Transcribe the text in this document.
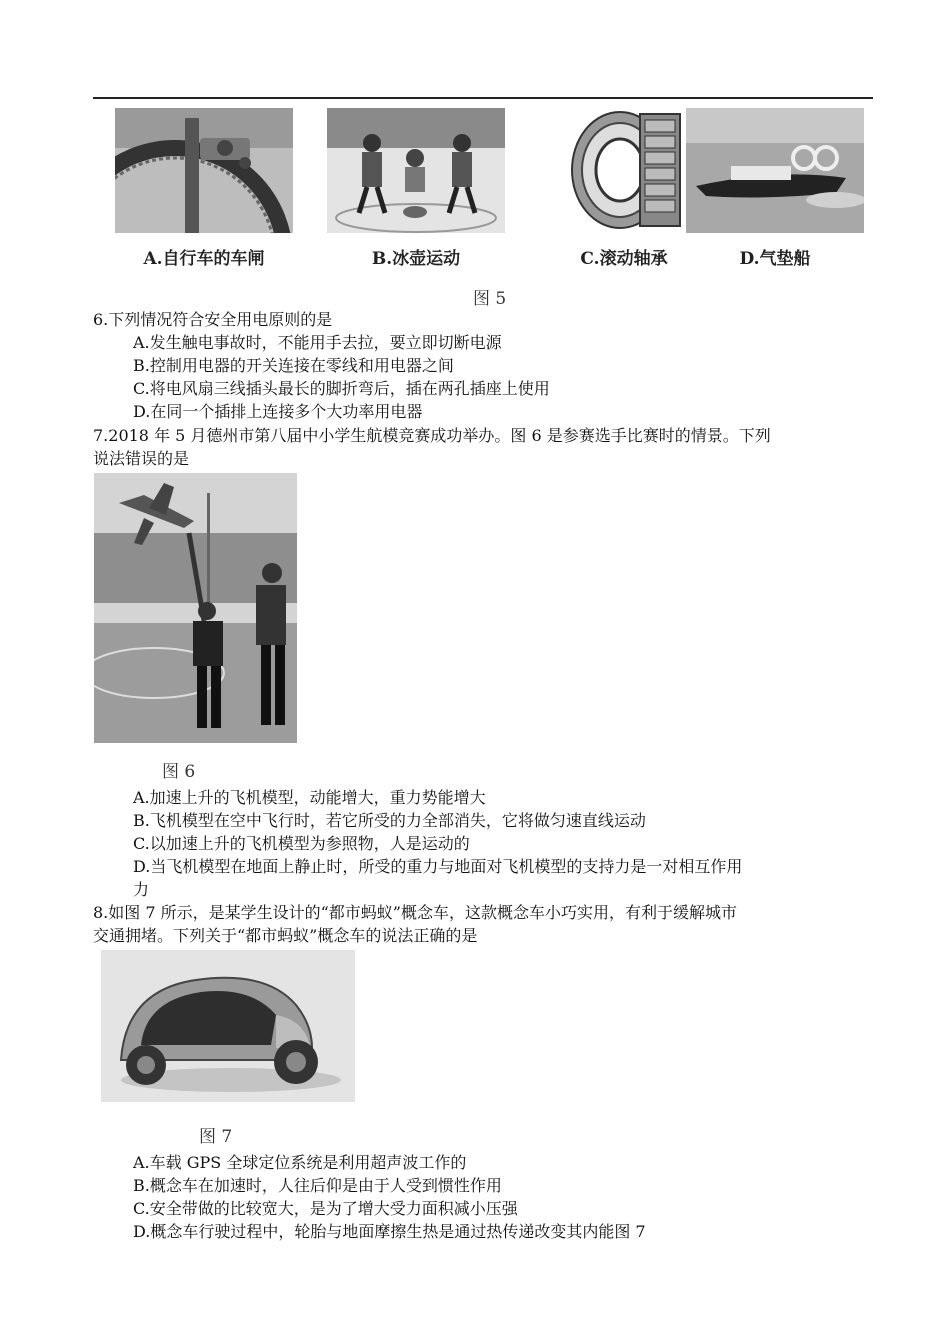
A.自行车的车闸	B.冰壶运动	C.滚动轴承	D.气垫船
图 5
6.下列情况符合安全用电原则的是
A.发生触电事故时，不能用手去拉，要立即切断电源
B.控制用电器的开关连接在零线和用电器之间
C.将电风扇三线插头最长的脚折弯后，插在两孔插座上使用
D.在同一个插排上连接多个大功率用电器
7.2018 年 5 月德州市第八届中小学生航模竞赛成功举办。图 6 是参赛选手比赛时的情景。下列
说法错误的是
图 6
A.加速上升的飞机模型，动能增大，重力势能增大
B.飞机模型在空中飞行时，若它所受的力全部消失，它将做匀速直线运动
C.以加速上升的飞机模型为参照物，人是运动的
D.当飞机模型在地面上静止时，所受的重力与地面对飞机模型的支持力是一对相互作用
力
8.如图 7 所示，是某学生设计的“都市蚂蚁”概念车，这款概念车小巧实用，有利于缓解城市
交通拥堵。下列关于“都市蚂蚁”概念车的说法正确的是
图 7
A.车载 GPS 全球定位系统是利用超声波工作的
B.概念车在加速时，人往后仰是由于人受到惯性作用
C.安全带做的比较宽大，是为了增大受力面积减小压强
D.概念车行驶过程中，轮胎与地面摩擦生热是通过热传递改变其内能图 7
